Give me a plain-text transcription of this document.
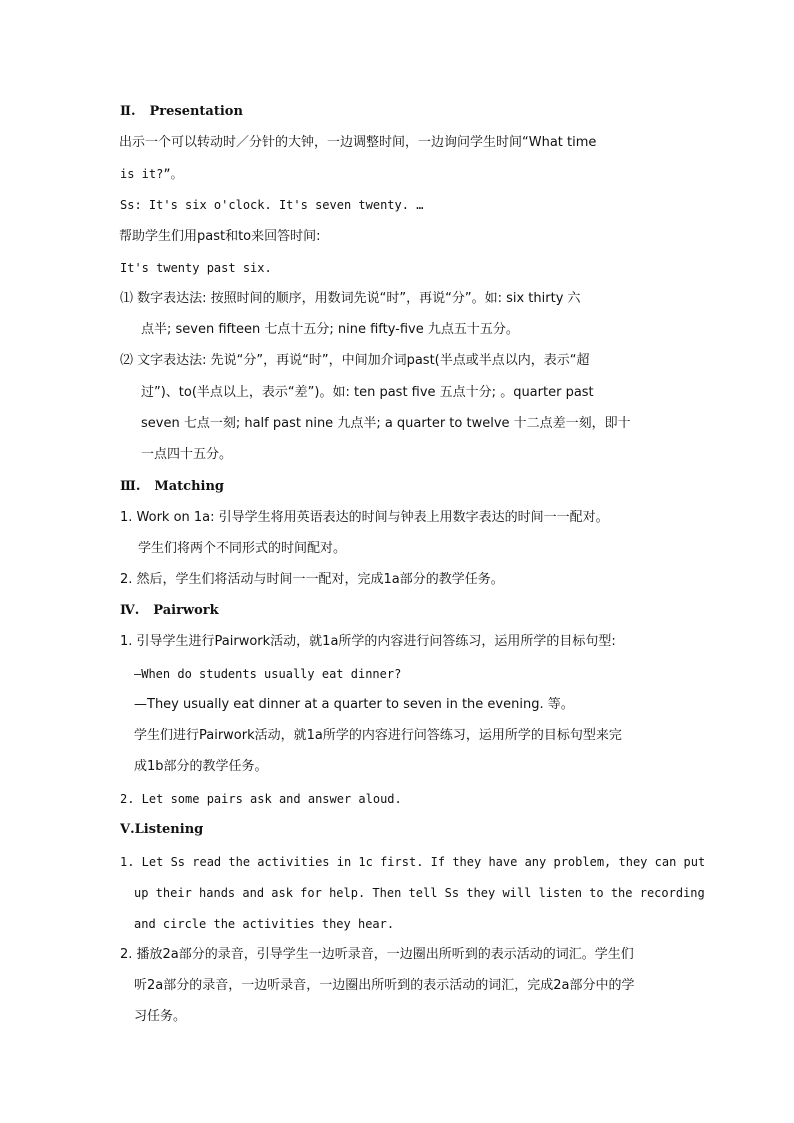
Ⅱ. Presentation
出示一个可以转动时／分针的大钟，一边调整时间，一边询问学生时间“What time
is it?”。
Ss: It's six o'clock. It's seven twenty. …
帮助学生们用past和to来回答时间:
It's twenty past six.
⑴ 数字表达法: 按照时间的顺序，用数词先说“时”，再说“分”。如: six thirty 六
点半; seven fifteen 七点十五分; nine fifty-five 九点五十五分。
⑵ 文字表达法: 先说“分”，再说“时”，中间加介词past(半点或半点以内，表示“超
过”)、to(半点以上，表示“差”)。如: ten past five 五点十分; 。quarter past
seven 七点一刻; half past nine 九点半; a quarter to twelve 十二点差一刻，即十
一点四十五分。
Ⅲ. Matching
1. Work on 1a: 引导学生将用英语表达的时间与钟表上用数字表达的时间一一配对。
学生们将两个不同形式的时间配对。
2. 然后，学生们将活动与时间一一配对，完成1a部分的教学任务。
Ⅳ. Pairwork
1. 引导学生进行Pairwork活动，就1a所学的内容进行问答练习，运用所学的目标句型:
—When do students usually eat dinner?
—They usually eat dinner at a quarter to seven in the evening. 等。
学生们进行Pairwork活动，就1a所学的内容进行问答练习，运用所学的目标句型来完
成1b部分的教学任务。
2. Let some pairs ask and answer aloud.
Ⅴ.Listening
1. Let Ss read the activities in 1c first. If they have any problem, they can put
up their hands and ask for help. Then tell Ss they will listen to the recording
and circle the activities they hear.
2. 播放2a部分的录音，引导学生一边听录音，一边圈出所听到的表示活动的词汇。学生们
听2a部分的录音，一边听录音，一边圈出所听到的表示活动的词汇，完成2a部分中的学
习任务。
